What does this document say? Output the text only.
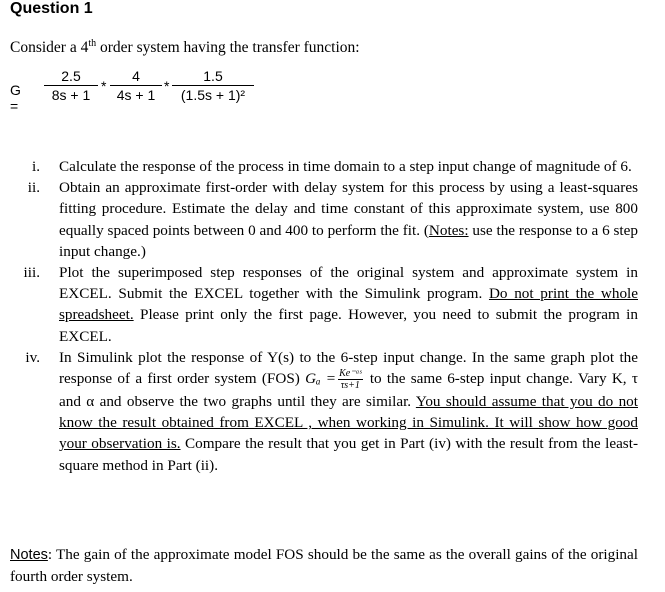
Question 1
Consider a 4th order system having the transfer function:
G =
2.5
8s + 1
*
4
4s + 1
*
1.5
(1.5s + 1)²
i. Calculate the response of the process in time domain to a step input change of magnitude of 6.
ii. Obtain an approximate first-order with delay system for this process by using a least-squares fitting procedure. Estimate the delay and time constant of this approximate system, use 800 equally spaced points between 0 and 400 to perform the fit. (Notes: use the response to a 6 step input change.)
iii. Plot the superimposed step responses of the original system and approximate system in EXCEL. Submit the EXCEL together with the Simulink program. Do not print the whole spreadsheet. Please print only the first page. However, you need to submit the program in EXCEL.
iv. In Simulink plot the response of Y(s) to the 6-step input change. In the same graph plot the response of a first order system (FOS) $G_a = \frac{\text{Ke⁻ᵃˢ}}{\tau s+1}$ to the same 6-step input change. Vary K, τ and α and observe the two graphs until they are similar. You should assume that you do not know the result obtained from EXCEL , when working in Simulink. It will show how good your observation is. Compare the result that you get in Part (iv) with the result from the least-square method in Part (ii).
Notes: The gain of the approximate model FOS should be the same as the overall gains of the original fourth order system.
